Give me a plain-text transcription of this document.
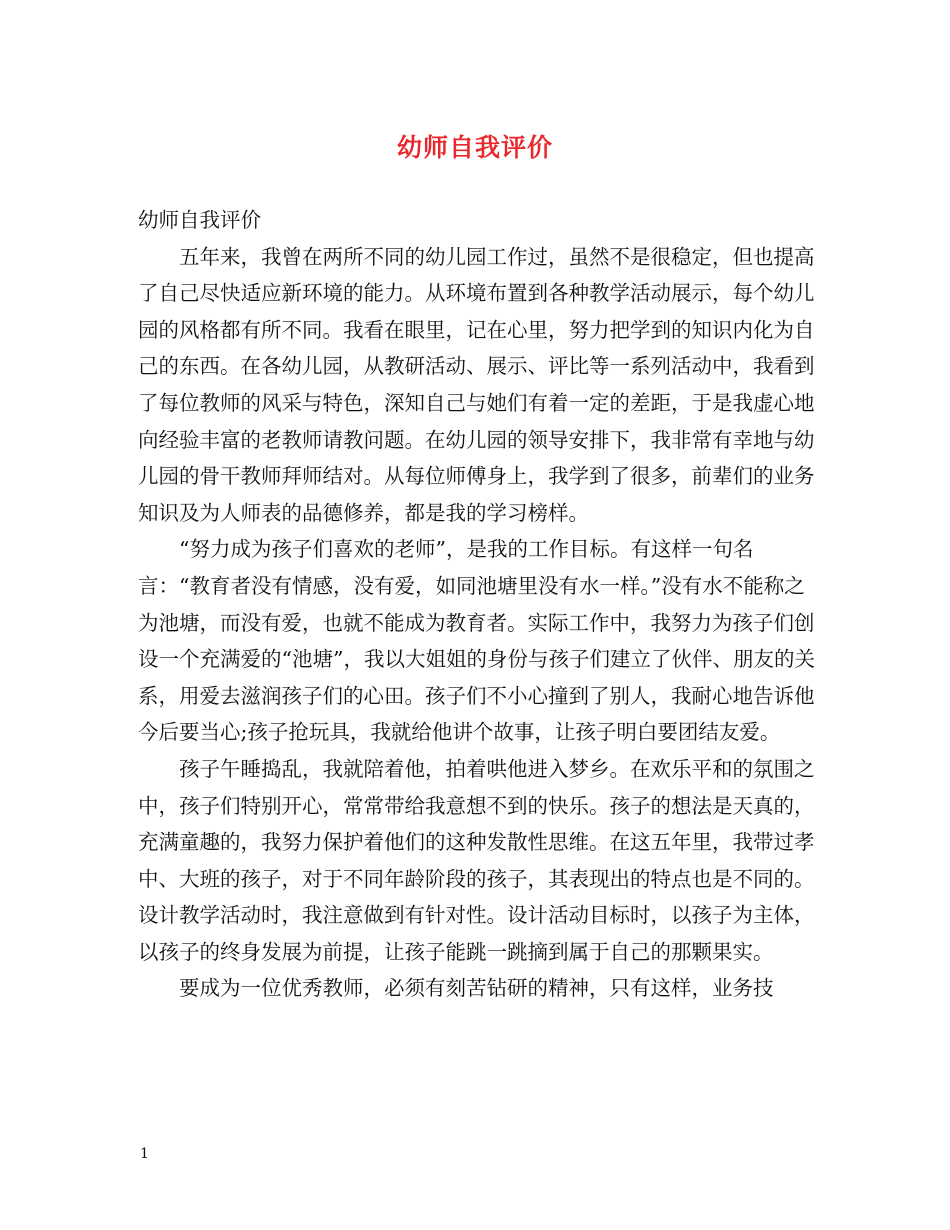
幼师自我评价

幼师自我评价

五年来，我曾在两所不同的幼儿园工作过，虽然不是很稳定，但也提高了自己尽快适应新环境的能力。从环境布置到各种教学活动展示，每个幼儿园的风格都有所不同。我看在眼里，记在心里，努力把学到的知识内化为自己的东西。在各幼儿园，从教研活动、展示、评比等一系列活动中，我看到了每位教师的风采与特色，深知自己与她们有着一定的差距，于是我虚心地向经验丰富的老教师请教问题。在幼儿园的领导安排下，我非常有幸地与幼儿园的骨干教师拜师结对。从每位师傅身上，我学到了很多，前辈们的业务知识及为人师表的品德修养，都是我的学习榜样。

“努力成为孩子们喜欢的老师”，是我的工作目标。有这样一句名言：“教育者没有情感，没有爱，如同池塘里没有水一样。”没有水不能称之为池塘，而没有爱，也就不能成为教育者。实际工作中，我努力为孩子们创设一个充满爱的“池塘”，我以大姐姐的身份与孩子们建立了伙伴、朋友的关系，用爱去滋润孩子们的心田。孩子们不小心撞到了别人，我耐心地告诉他今后要当心;孩子抢玩具，我就给他讲个故事，让孩子明白要团结友爱。

孩子午睡捣乱，我就陪着他，拍着哄他进入梦乡。在欢乐平和的氛围之中，孩子们特别开心，常常带给我意想不到的快乐。孩子的想法是天真的，充满童趣的，我努力保护着他们的这种发散性思维。在这五年里，我带过孝中、大班的孩子，对于不同年龄阶段的孩子，其表现出的特点也是不同的。设计教学活动时，我注意做到有针对性。设计活动目标时，以孩子为主体，以孩子的终身发展为前提，让孩子能跳一跳摘到属于自己的那颗果实。

要成为一位优秀教师，必须有刻苦钻研的精神，只有这样，业务技

1
